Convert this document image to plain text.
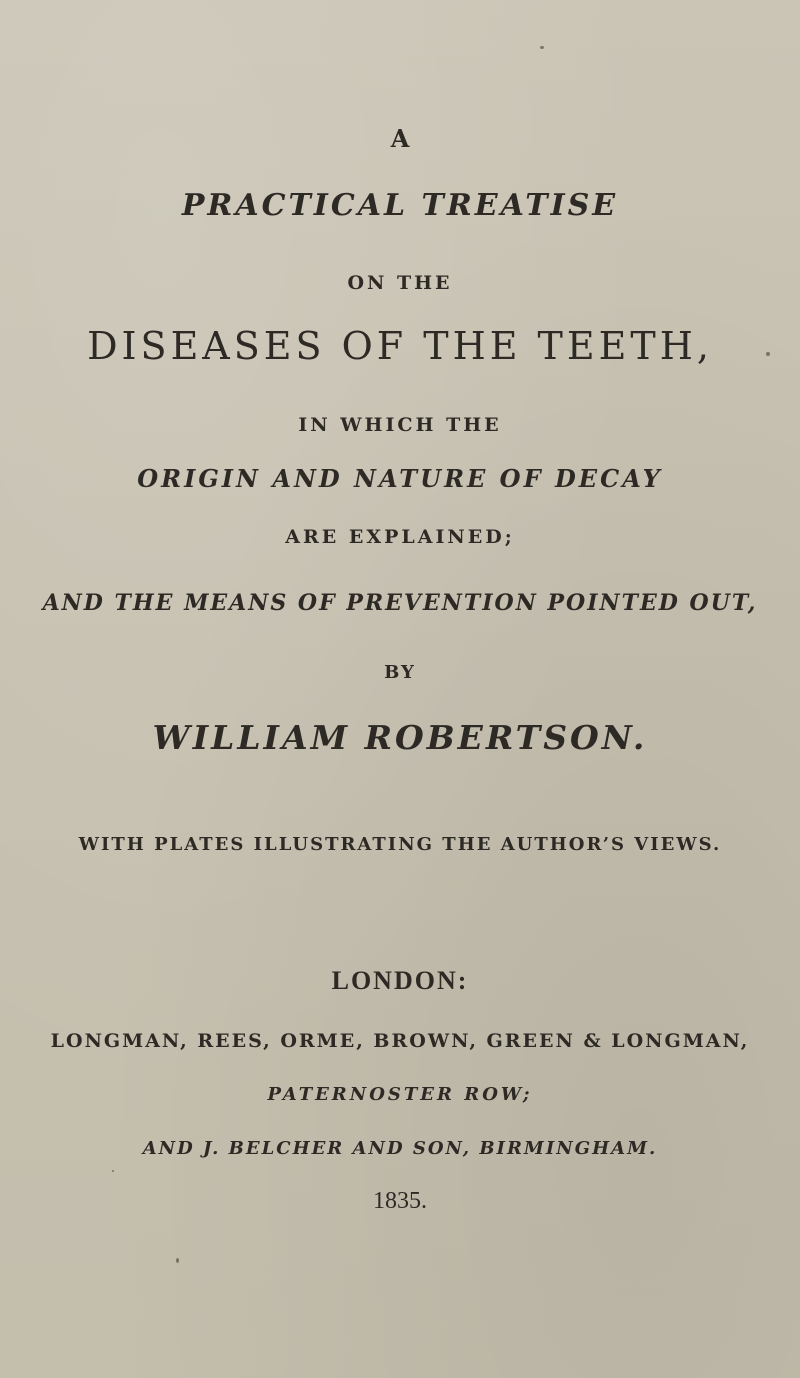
A
PRACTICAL TREATISE
ON THE
DISEASES OF THE TEETH,
IN WHICH THE
ORIGIN AND NATURE OF DECAY
ARE EXPLAINED;
AND THE MEANS OF PREVENTION POINTED OUT,
BY
WILLIAM ROBERTSON.
WITH PLATES ILLUSTRATING THE AUTHOR’S VIEWS.
LONDON:
LONGMAN, REES, ORME, BROWN, GREEN & LONGMAN,
PATERNOSTER ROW;
AND J. BELCHER AND SON, BIRMINGHAM.
1835.
